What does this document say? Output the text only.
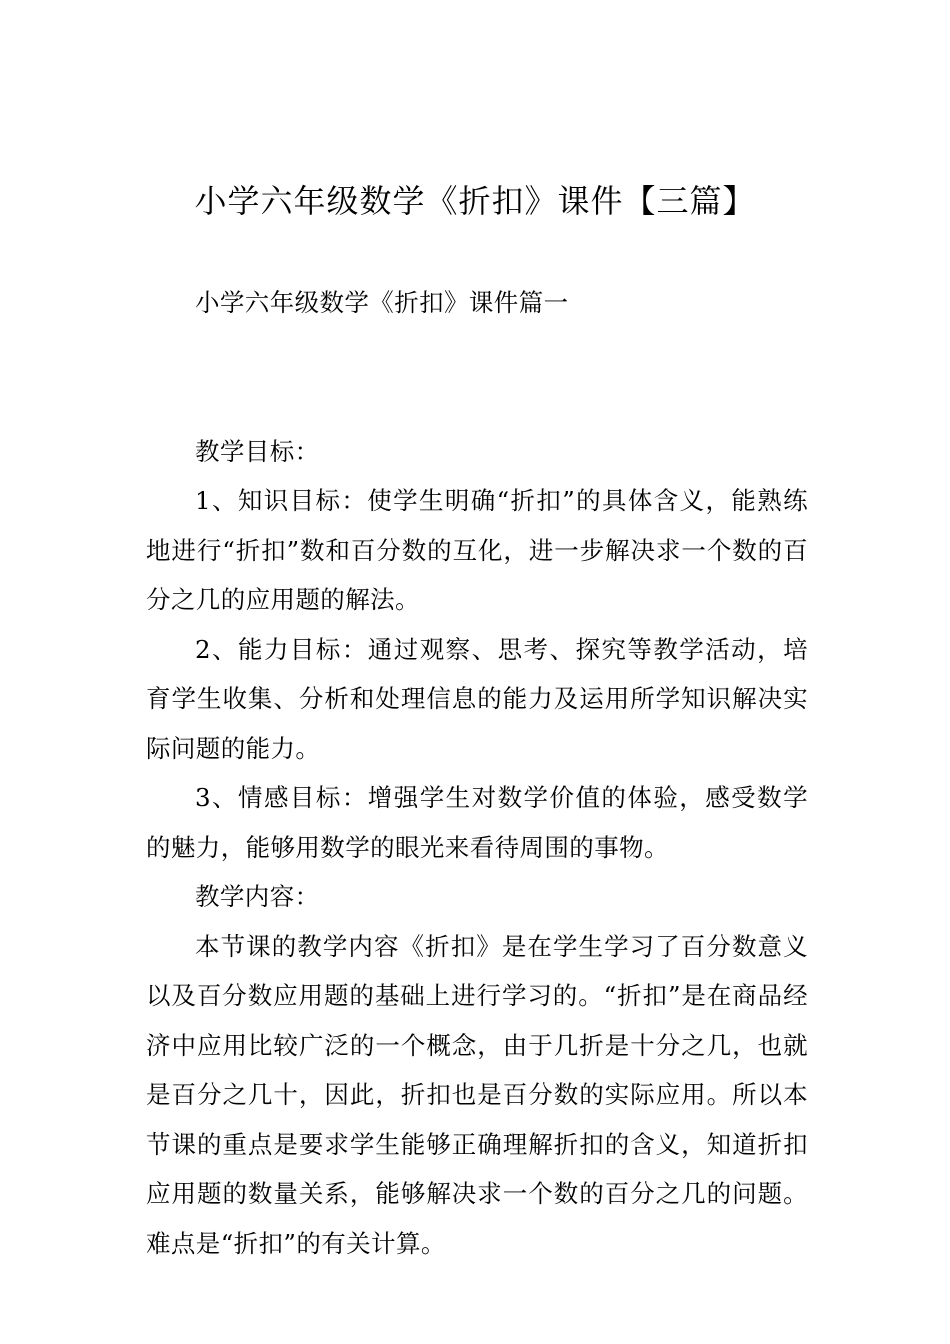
小学六年级数学《折扣》课件【三篇】

小学六年级数学《折扣》课件篇一

教学目标：

1、知识目标：使学生明确“折扣”的具体含义，能熟练地进行“折扣”数和百分数的互化，进一步解决求一个数的百分之几的应用题的解法。

2、能力目标：通过观察、思考、探究等教学活动，培育学生收集、分析和处理信息的能力及运用所学知识解决实际问题的能力。

3、情感目标：增强学生对数学价值的体验，感受数学的魅力，能够用数学的眼光来看待周围的事物。

教学内容：

本节课的教学内容《折扣》是在学生学习了百分数意义以及百分数应用题的基础上进行学习的。“折扣”是在商品经济中应用比较广泛的一个概念，由于几折是十分之几，也就是百分之几十，因此，折扣也是百分数的实际应用。所以本节课的重点是要求学生能够正确理解折扣的含义，知道折扣应用题的数量关系，能够解决求一个数的百分之几的问题。难点是“折扣”的有关计算。
